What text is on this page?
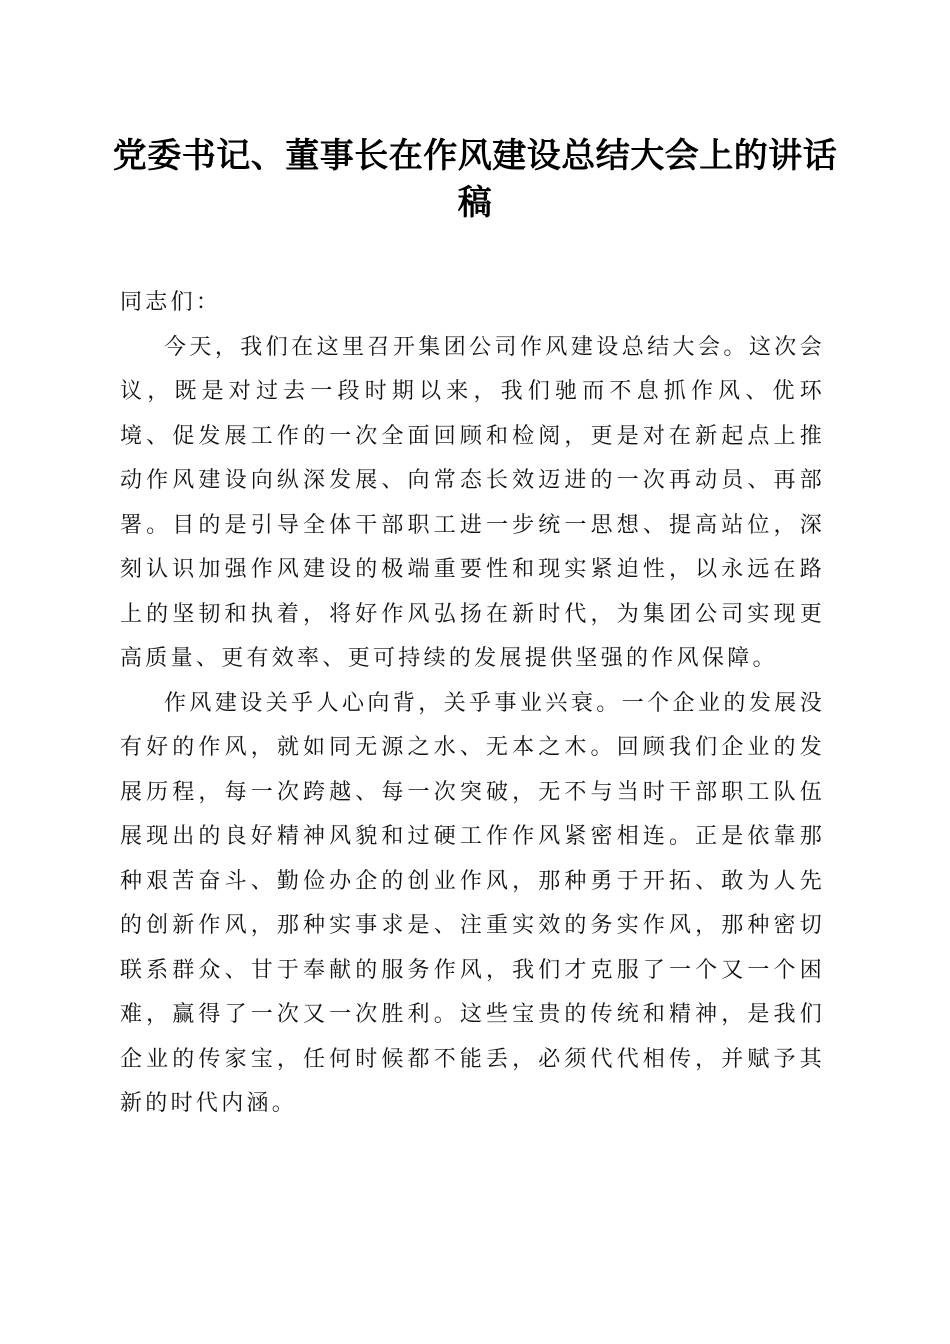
党委书记、董事长在作风建设总结大会上的讲话稿

同志们：

今天，我们在这里召开集团公司作风建设总结大会。这次会议，既是对过去一段时期以来，我们驰而不息抓作风、优环境、促发展工作的一次全面回顾和检阅，更是对在新起点上推动作风建设向纵深发展、向常态长效迈进的一次再动员、再部署。目的是引导全体干部职工进一步统一思想、提高站位，深刻认识加强作风建设的极端重要性和现实紧迫性，以永远在路上的坚韧和执着，将好作风弘扬在新时代，为集团公司实现更高质量、更有效率、更可持续的发展提供坚强的作风保障。

作风建设关乎人心向背，关乎事业兴衰。一个企业的发展没有好的作风，就如同无源之水、无本之木。回顾我们企业的发展历程，每一次跨越、每一次突破，无不与当时干部职工队伍展现出的良好精神风貌和过硬工作作风紧密相连。正是依靠那种艰苦奋斗、勤俭办企的创业作风，那种勇于开拓、敢为人先的创新作风，那种实事求是、注重实效的务实作风，那种密切联系群众、甘于奉献的服务作风，我们才克服了一个又一个困难，赢得了一次又一次胜利。这些宝贵的传统和精神，是我们企业的传家宝，任何时候都不能丢，必须代代相传，并赋予其新的时代内涵。
